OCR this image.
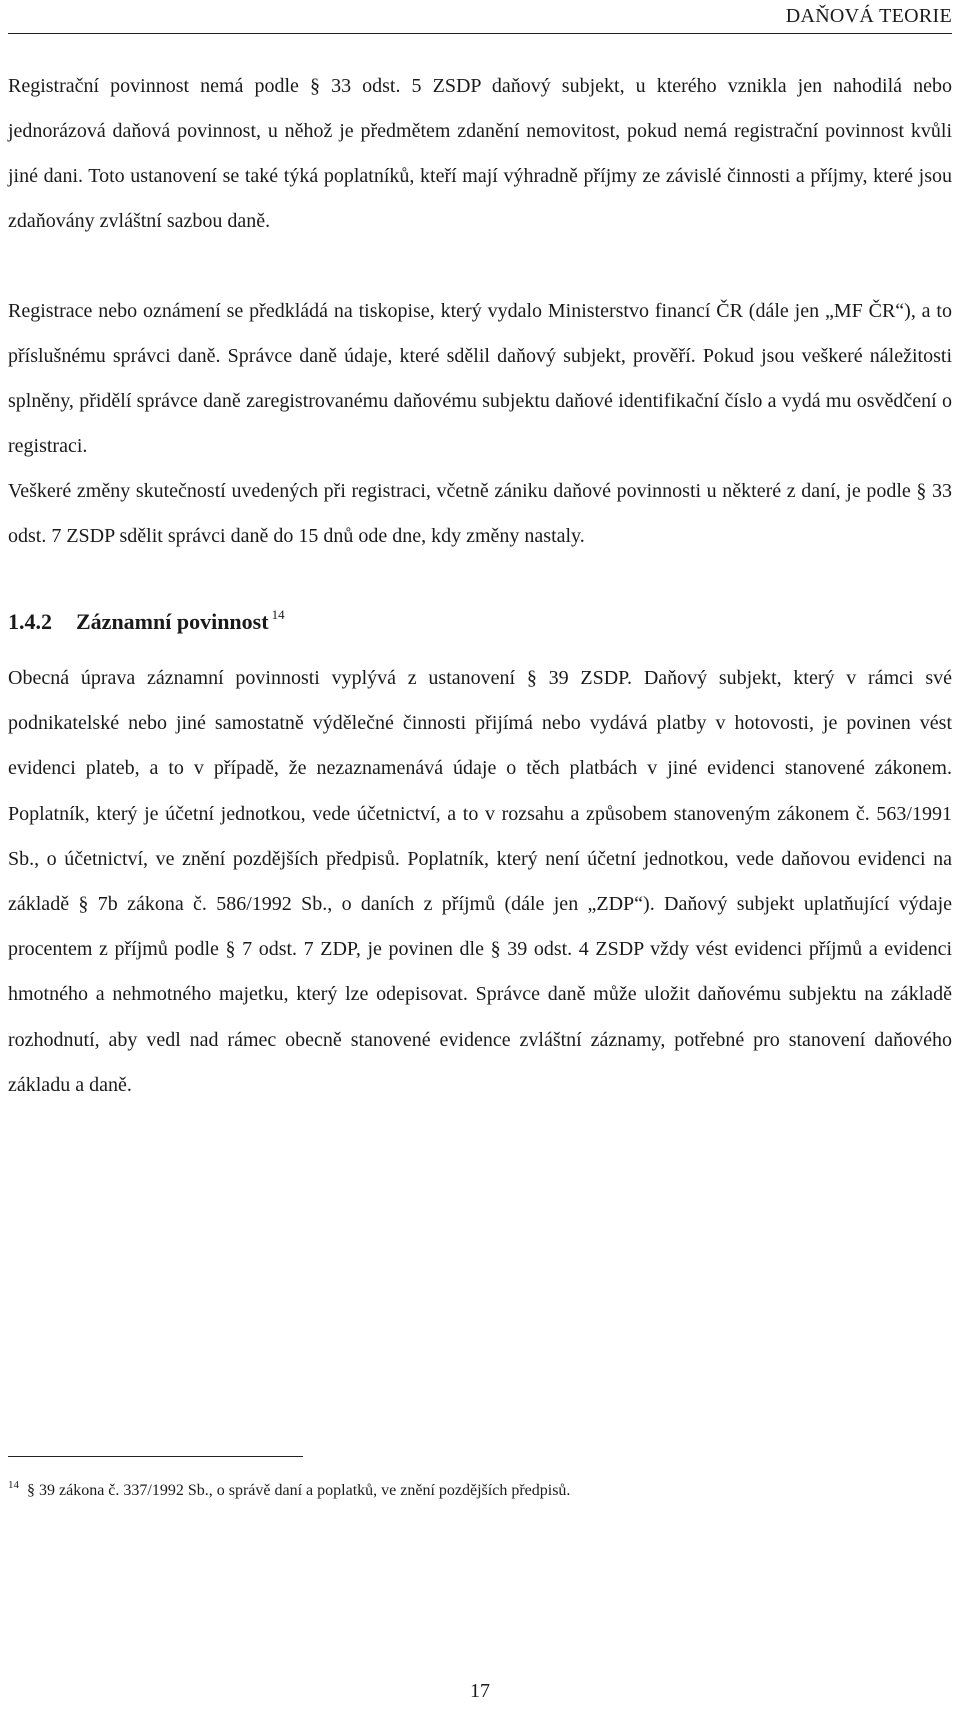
DAŇOVÁ TEORIE

Registrační povinnost nemá podle § 33 odst. 5 ZSDP daňový subjekt, u kterého vznikla jen nahodilá nebo jednorázová daňová povinnost, u něhož je předmětem zdanění nemovitost, pokud nemá registrační povinnost kvůli jiné dani. Toto ustanovení se také týká poplatníků, kteří mají výhradně příjmy ze závislé činnosti a příjmy, které jsou zdaňovány zvláštní sazbou daně.

Registrace nebo oznámení se předkládá na tiskopise, který vydalo Ministerstvo financí ČR (dále jen „MF ČR“), a to příslušnému správci daně. Správce daně údaje, které sdělil daňový subjekt, prověří. Pokud jsou veškeré náležitosti splněny, přidělí správce daně zaregistrovanému daňovému subjektu daňové identifikační číslo a vydá mu osvědčení o registraci.

Veškeré změny skutečností uvedených při registraci, včetně zániku daňové povinnosti u některé z daní, je podle § 33 odst. 7 ZSDP sdělit správci daně do 15 dnů ode dne, kdy změny nastaly.

1.4.2 Záznamní povinnost $^{14}$

Obecná úprava záznamní povinnosti vyplývá z ustanovení § 39 ZSDP. Daňový subjekt, který v rámci své podnikatelské nebo jiné samostatně výdělečné činnosti přijímá nebo vydává platby v hotovosti, je povinen vést evidenci plateb, a to v případě, že nezaznamenává údaje o těch platbách v jiné evidenci stanovené zákonem. Poplatník, který je účetní jednotkou, vede účetnictví, a to v rozsahu a způsobem stanoveným zákonem č. 563/1991 Sb., o účetnictví, ve znění pozdějších předpisů. Poplatník, který není účetní jednotkou, vede daňovou evidenci na základě § 7b zákona č. 586/1992 Sb., o daních z příjmů (dále jen „ZDP“). Daňový subjekt uplatňující výdaje procentem z příjmů podle § 7 odst. 7 ZDP, je povinen dle § 39 odst. 4 ZSDP vždy vést evidenci příjmů a evidenci hmotného a nehmotného majetku, který lze odepisovat. Správce daně může uložit daňovému subjektu na základě rozhodnutí, aby vedl nad rámec obecně stanovené evidence zvláštní záznamy, potřebné pro stanovení daňového základu a daně.

$^{14}$ § 39 zákona č. 337/1992 Sb., o správě daní a poplatků, ve znění pozdějších předpisů.
17
